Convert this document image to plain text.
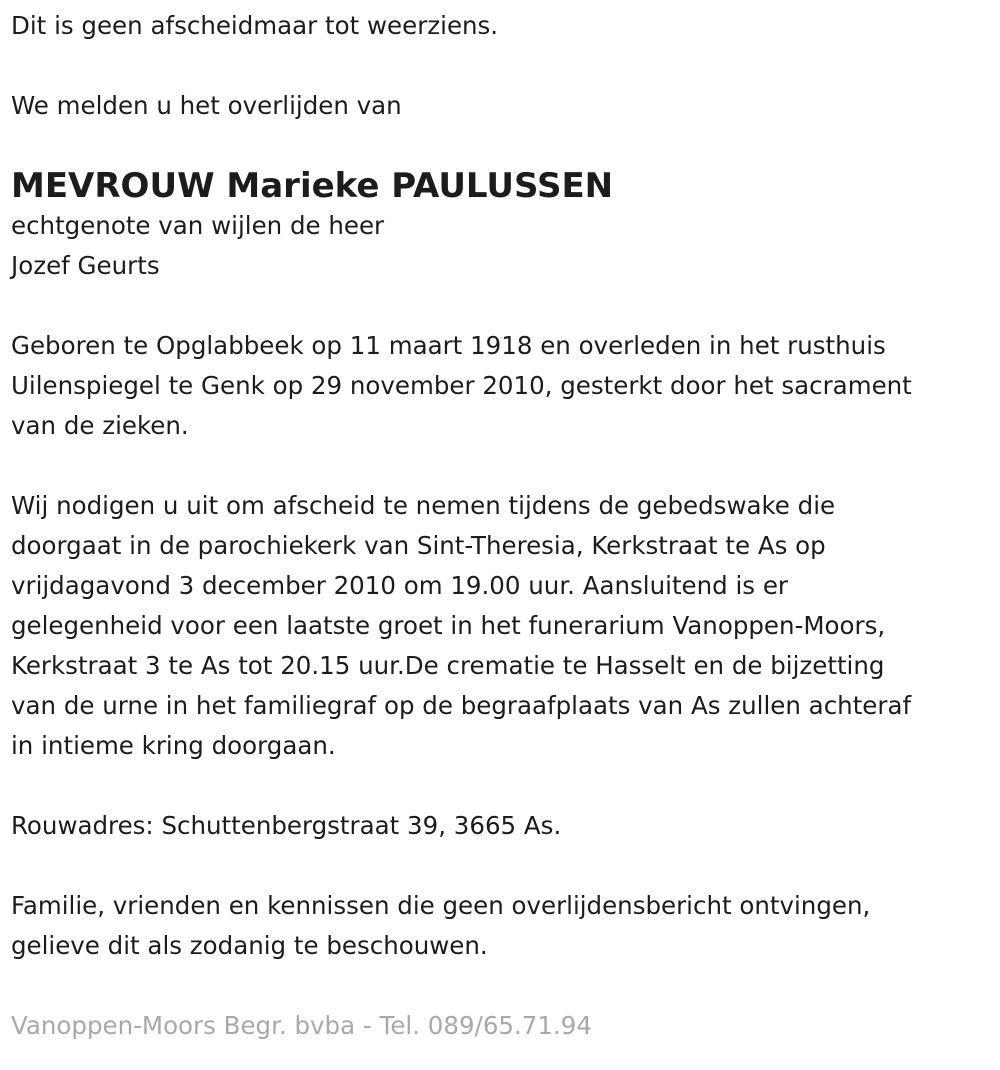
Dit is geen afscheidmaar tot weerziens.
We melden u het overlijden van
MEVROUW Marieke PAULUSSEN
echtgenote van wijlen de heer
Jozef Geurts
Geboren te Opglabbeek op 11 maart 1918 en overleden in het rusthuis
Uilenspiegel te Genk op 29 november 2010, gesterkt door het sacrament
van de zieken.
Wij nodigen u uit om afscheid te nemen tijdens de gebedswake die
doorgaat in de parochiekerk van Sint-Theresia, Kerkstraat te As op
vrijdagavond 3 december 2010 om 19.00 uur. Aansluitend is er
gelegenheid voor een laatste groet in het funerarium Vanoppen-Moors,
Kerkstraat 3 te As tot 20.15 uur.De crematie te Hasselt en de bijzetting
van de urne in het familiegraf op de begraafplaats van As zullen achteraf
in intieme kring doorgaan.
Rouwadres: Schuttenbergstraat 39, 3665 As.
Familie, vrienden en kennissen die geen overlijdensbericht ontvingen,
gelieve dit als zodanig te beschouwen.
Vanoppen-Moors Begr. bvba - Tel. 089/65.71.94
